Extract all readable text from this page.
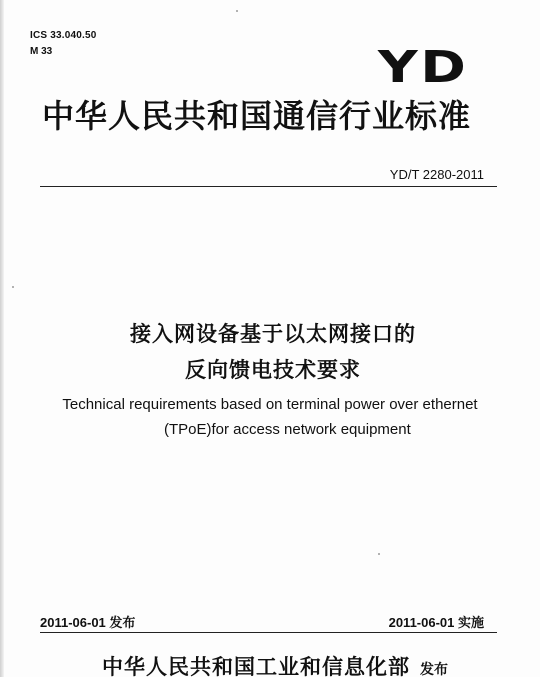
ICS 33.040.50
M 33	YD
中华人民共和国通信行业标准
YD/T 2280-2011
接入网设备基于以太网接口的
反向馈电技术要求
Technical requirements based on terminal power over ethernet
(TPoE)for access network equipment
2011-06-01 发布	2011-06-01 实施
中华人民共和国工业和信息化部 发布
